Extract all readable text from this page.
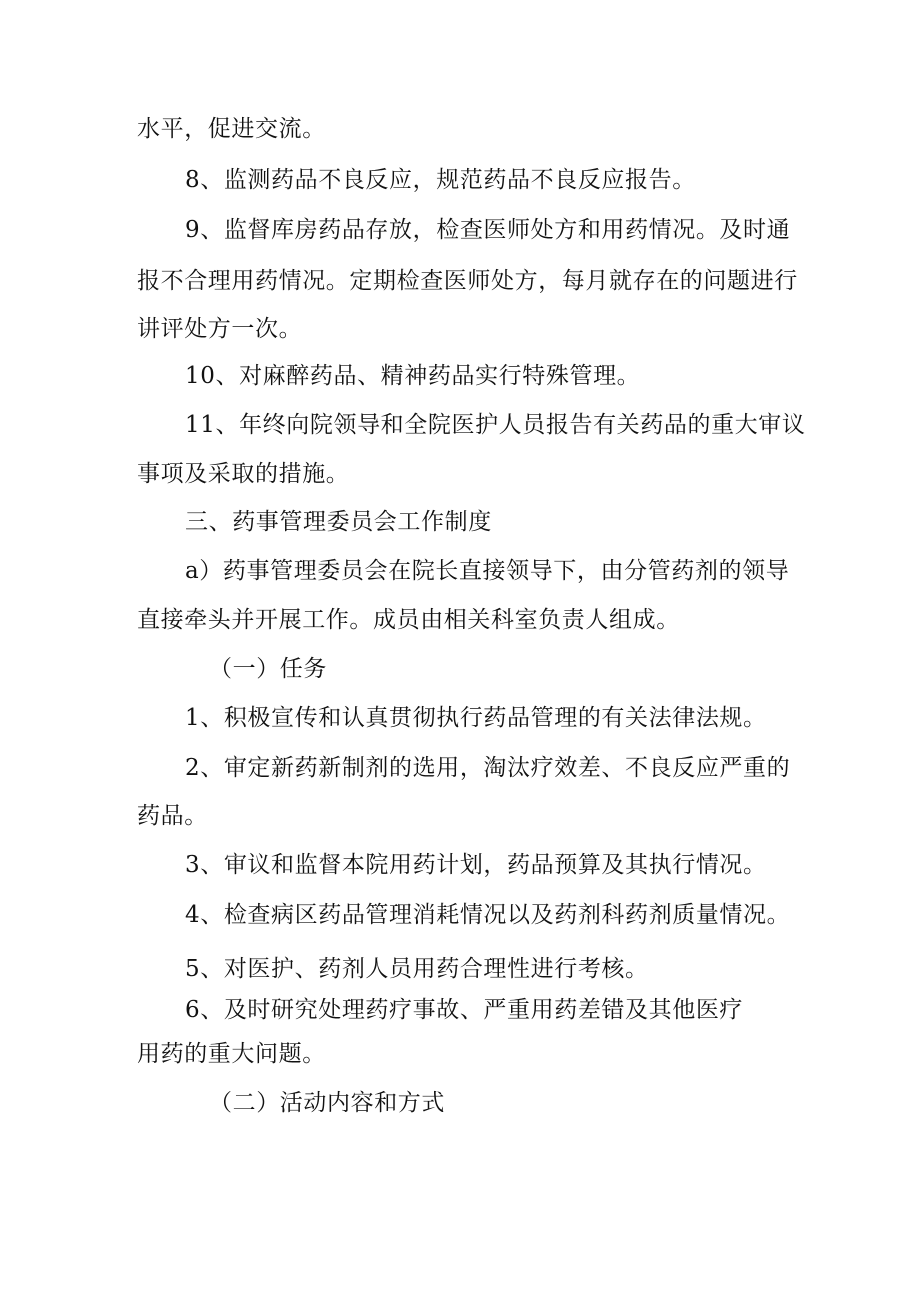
水平，促进交流。
8、监测药品不良反应，规范药品不良反应报告。
9、监督库房药品存放，检查医师处方和用药情况。及时通
报不合理用药情况。定期检查医师处方，每月就存在的问题进行
讲评处方一次。
10、对麻醉药品、精神药品实行特殊管理。
11、年终向院领导和全院医护人员报告有关药品的重大审议
事项及采取的措施。
三、药事管理委员会工作制度
a）药事管理委员会在院长直接领导下，由分管药剂的领导
直接牵头并开展工作。成员由相关科室负责人组成。
（一）任务
1、积极宣传和认真贯彻执行药品管理的有关法律法规。
2、审定新药新制剂的选用，淘汰疗效差、不良反应严重的
药品。
3、审议和监督本院用药计划，药品预算及其执行情况。
4、检查病区药品管理消耗情况以及药剂科药剂质量情况。
5、对医护、药剂人员用药合理性进行考核。
6、及时研究处理药疗事故、严重用药差错及其他医疗
用药的重大问题。
（二）活动内容和方式
